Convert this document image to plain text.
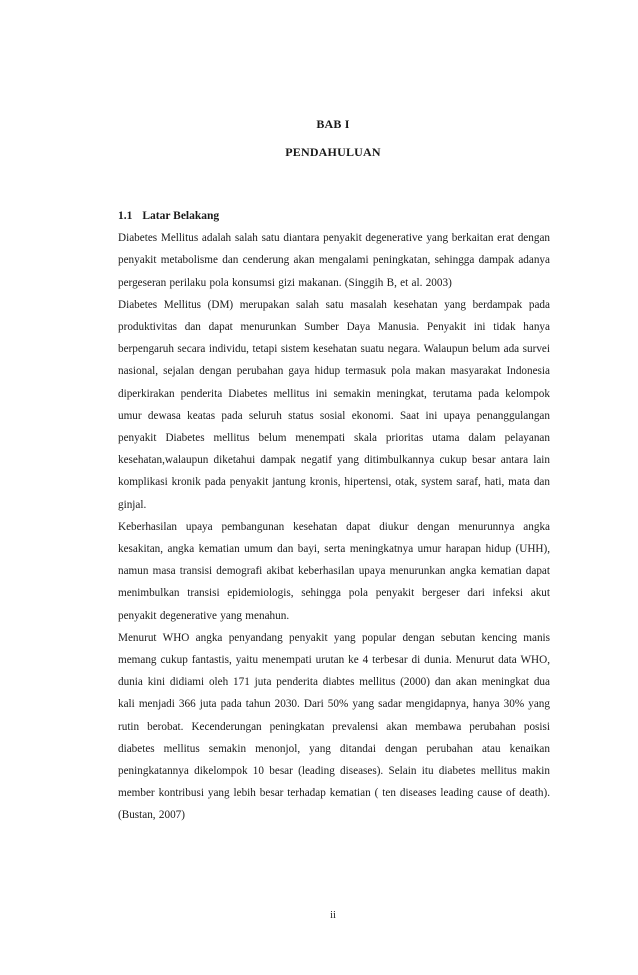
BAB I
PENDAHULUAN

1.1 Latar Belakang

Diabetes Mellitus adalah salah satu diantara penyakit degenerative yang berkaitan erat dengan penyakit metabolisme dan cenderung akan mengalami peningkatan, sehingga dampak adanya pergeseran perilaku pola konsumsi gizi makanan. (Singgih B, et al. 2003)

Diabetes Mellitus (DM) merupakan salah satu masalah kesehatan yang berdampak pada produktivitas dan dapat menurunkan Sumber Daya Manusia. Penyakit ini tidak hanya berpengaruh secara individu, tetapi sistem kesehatan suatu negara. Walaupun belum ada survei nasional, sejalan dengan perubahan gaya hidup termasuk pola makan masyarakat Indonesia diperkirakan penderita Diabetes mellitus ini semakin meningkat, terutama pada kelompok umur dewasa keatas pada seluruh status sosial ekonomi. Saat ini upaya penanggulangan penyakit Diabetes mellitus belum menempati skala prioritas utama dalam pelayanan kesehatan,walaupun diketahui dampak negatif yang ditimbulkannya cukup besar antara lain komplikasi kronik pada penyakit jantung kronis, hipertensi, otak, system saraf, hati, mata dan ginjal.

Keberhasilan upaya pembangunan kesehatan dapat diukur dengan menurunnya angka kesakitan, angka kematian umum dan bayi, serta meningkatnya umur harapan hidup (UHH), namun masa transisi demografi akibat keberhasilan upaya menurunkan angka kematian dapat menimbulkan transisi epidemiologis, sehingga pola penyakit bergeser dari infeksi akut penyakit degenerative yang menahun.

Menurut WHO angka penyandang penyakit yang popular dengan sebutan kencing manis memang cukup fantastis, yaitu menempati urutan ke 4 terbesar di dunia. Menurut data WHO, dunia kini didiami oleh 171 juta penderita diabtes mellitus (2000) dan akan meningkat dua kali menjadi 366 juta pada tahun 2030. Dari 50% yang sadar mengidapnya, hanya 30% yang rutin berobat. Kecenderungan peningkatan prevalensi akan membawa perubahan posisi diabetes mellitus semakin menonjol, yang ditandai dengan perubahan atau kenaikan peningkatannya dikelompok 10 besar (leading diseases). Selain itu diabetes mellitus makin member kontribusi yang lebih besar terhadap kematian ( ten diseases leading cause of death). (Bustan, 2007)

ii
